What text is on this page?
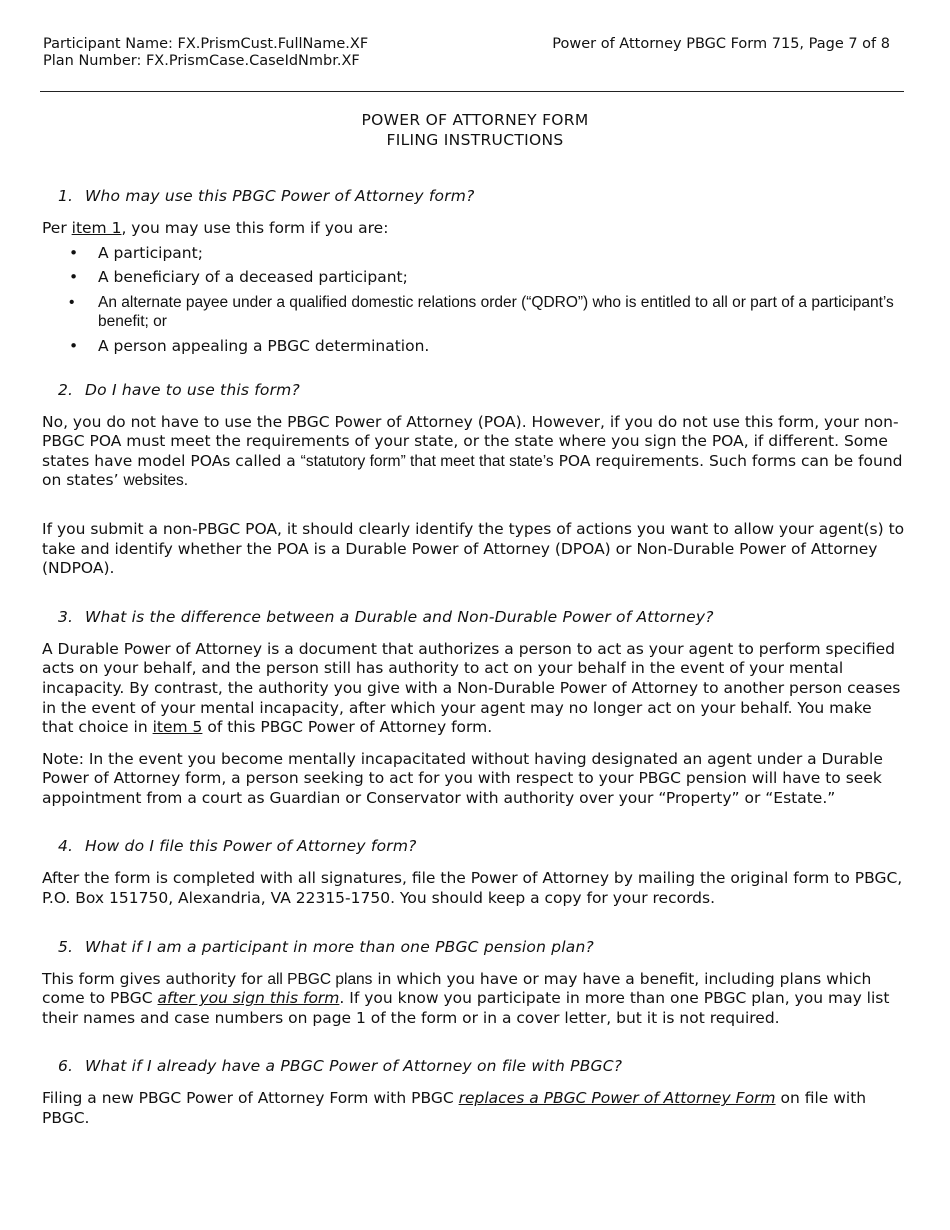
Participant Name: FX.PrismCust.FullName.XF
Plan Number: FX.PrismCase.CaseIdNmbr.XF
Power of Attorney PBGC Form 715, Page 7 of 8
POWER OF ATTORNEY FORM
FILING INSTRUCTIONS
1. Who may use this PBGC Power of Attorney form?

Per item 1, you may use this form if you are:

• A participant;
• A beneficiary of a deceased participant;
• An alternate payee under a qualified domestic relations order (“QDRO”) who is entitled to all or part of a participant’s benefit; or
• A person appealing a PBGC determination.
2. Do I have to use this form?

No, you do not have to use the PBGC Power of Attorney (POA). However, if you do not use this form, your non-PBGC POA must meet the requirements of your state, or the state where you sign the POA, if different. Some states have model POAs called a “statutory form” that meet that state’s POA requirements. Such forms can be found on states’ websites.

If you submit a non-PBGC POA, it should clearly identify the types of actions you want to allow your agent(s) to take and identify whether the POA is a Durable Power of Attorney (DPOA) or Non-Durable Power of Attorney (NDPOA).

3. What is the difference between a Durable and Non-Durable Power of Attorney?

A Durable Power of Attorney is a document that authorizes a person to act as your agent to perform specified acts on your behalf, and the person still has authority to act on your behalf in the event of your mental incapacity. By contrast, the authority you give with a Non-Durable Power of Attorney to another person ceases in the event of your mental incapacity, after which your agent may no longer act on your behalf. You make that choice in item 5 of this PBGC Power of Attorney form.

Note: In the event you become mentally incapacitated without having designated an agent under a Durable Power of Attorney form, a person seeking to act for you with respect to your PBGC pension will have to seek appointment from a court as Guardian or Conservator with authority over your “Property” or “Estate.”

4. How do I file this Power of Attorney form?

After the form is completed with all signatures, file the Power of Attorney by mailing the original form to PBGC, P.O. Box 151750, Alexandria, VA 22315-1750. You should keep a copy for your records.

5. What if I am a participant in more than one PBGC pension plan?

This form gives authority for all PBGC plans in which you have or may have a benefit, including plans which come to PBGC after you sign this form. If you know you participate in more than one PBGC plan, you may list their names and case numbers on page 1 of the form or in a cover letter, but it is not required.

6. What if I already have a PBGC Power of Attorney on file with PBGC?

Filing a new PBGC Power of Attorney Form with PBGC replaces a PBGC Power of Attorney Form on file with PBGC.
